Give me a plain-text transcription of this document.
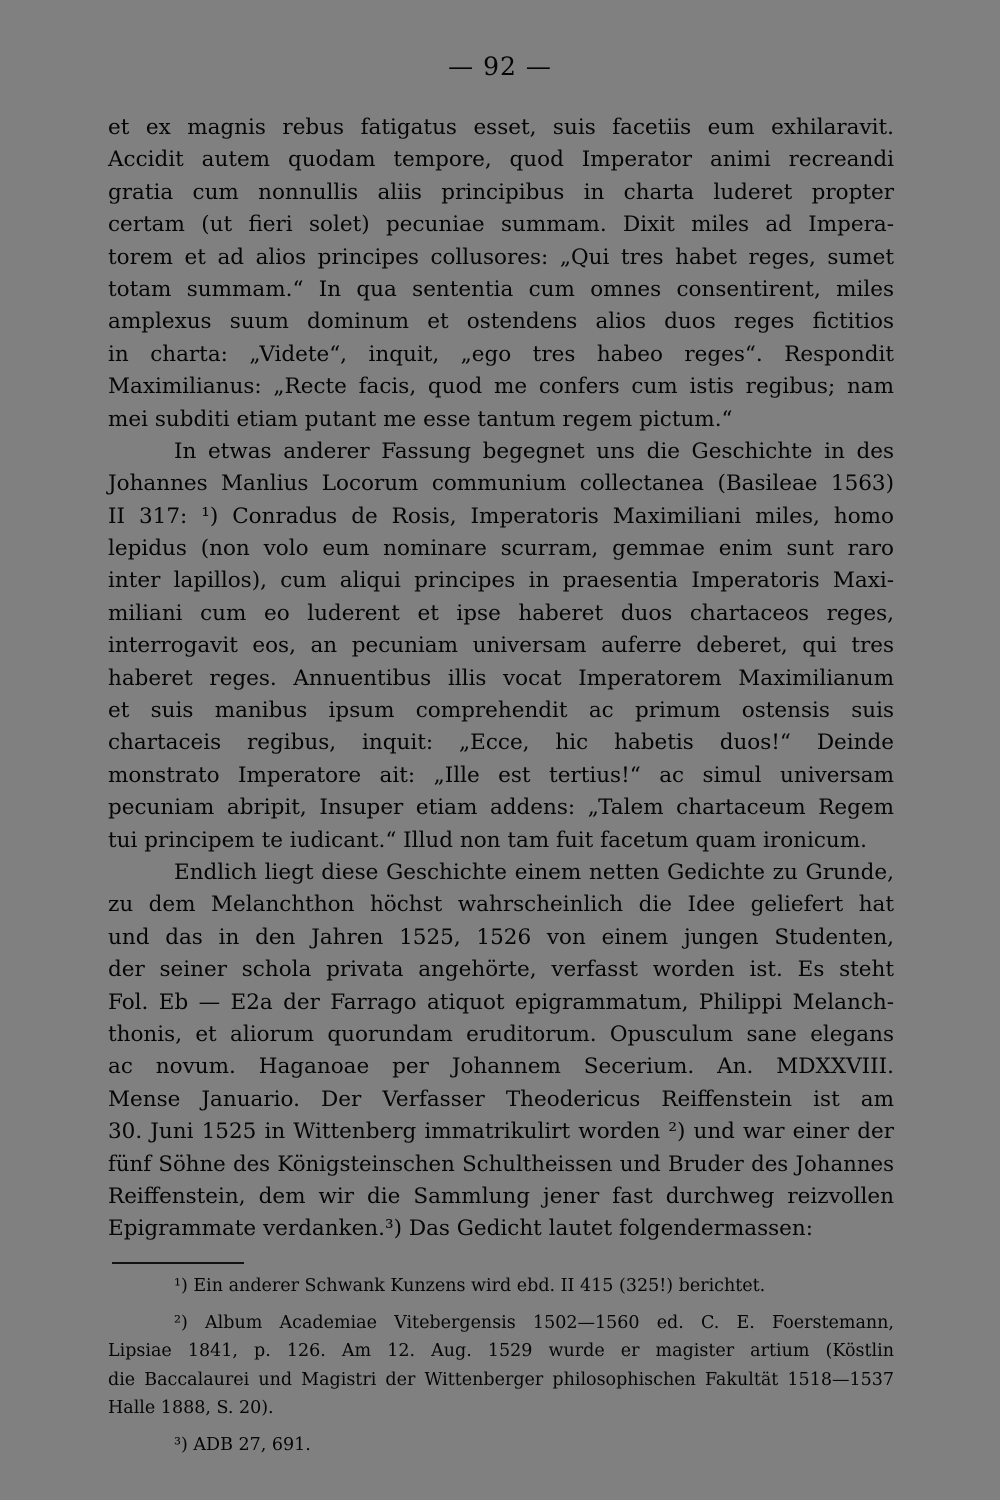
— 92 —
et ex magnis rebus fatigatus esset, suis facetiis eum exhilaravit.
Accidit autem quodam tempore, quod Imperator animi recreandi
gratia cum nonnullis aliis principibus in charta luderet propter
certam (ut fieri solet) pecuniae summam. Dixit miles ad Impera-
torem et ad alios principes collusores: „Qui tres habet reges, sumet
totam summam.“ In qua sententia cum omnes consentirent, miles
amplexus suum dominum et ostendens alios duos reges fictitios
in charta: „Videte“, inquit, „ego tres habeo reges“. Respondit
Maximilianus: „Recte facis, quod me confers cum istis regibus; nam
mei subditi etiam putant me esse tantum regem pictum.“
In etwas anderer Fassung begegnet uns die Geschichte in des
Johannes Manlius Locorum communium collectanea (Basileae 1563)
II 317: ¹) Conradus de Rosis, Imperatoris Maximiliani miles, homo
lepidus (non volo eum nominare scurram, gemmae enim sunt raro
inter lapillos), cum aliqui principes in praesentia Imperatoris Maxi-
miliani cum eo luderent et ipse haberet duos chartaceos reges,
interrogavit eos, an pecuniam universam auferre deberet, qui tres
haberet reges. Annuentibus illis vocat Imperatorem Maximilianum
et suis manibus ipsum comprehendit ac primum ostensis suis
chartaceis regibus, inquit: „Ecce, hic habetis duos!“ Deinde
monstrato Imperatore ait: „Ille est tertius!“ ac simul universam
pecuniam abripit, Insuper etiam addens: „Talem chartaceum Regem
tui principem te iudicant.“ Illud non tam fuit facetum quam ironicum.
Endlich liegt diese Geschichte einem netten Gedichte zu Grunde,
zu dem Melanchthon höchst wahrscheinlich die Idee geliefert hat
und das in den Jahren 1525, 1526 von einem jungen Studenten,
der seiner schola privata angehörte, verfasst worden ist. Es steht
Fol. Eb — E2a der Farrago atiquot epigrammatum, Philippi Melanch-
thonis, et aliorum quorundam eruditorum. Opusculum sane elegans
ac novum. Haganoae per Johannem Secerium. An. MDXXVIII.
Mense Januario. Der Verfasser Theodericus Reiffenstein ist am
30. Juni 1525 in Wittenberg immatrikulirt worden ²) und war einer der
fünf Söhne des Königsteinschen Schultheissen und Bruder des Johannes
Reiffenstein, dem wir die Sammlung jener fast durchweg reizvollen
Epigrammate verdanken.³) Das Gedicht lautet folgendermassen:
¹) Ein anderer Schwank Kunzens wird ebd. II 415 (325!) berichtet.
²) Album Academiae Vitebergensis 1502—1560 ed. C. E. Foerstemann,
Lipsiae 1841, p. 126. Am 12. Aug. 1529 wurde er magister artium (Köstlin
die Baccalaurei und Magistri der Wittenberger philosophischen Fakultät 1518—1537
Halle 1888, S. 20).
³) ADB 27, 691.
